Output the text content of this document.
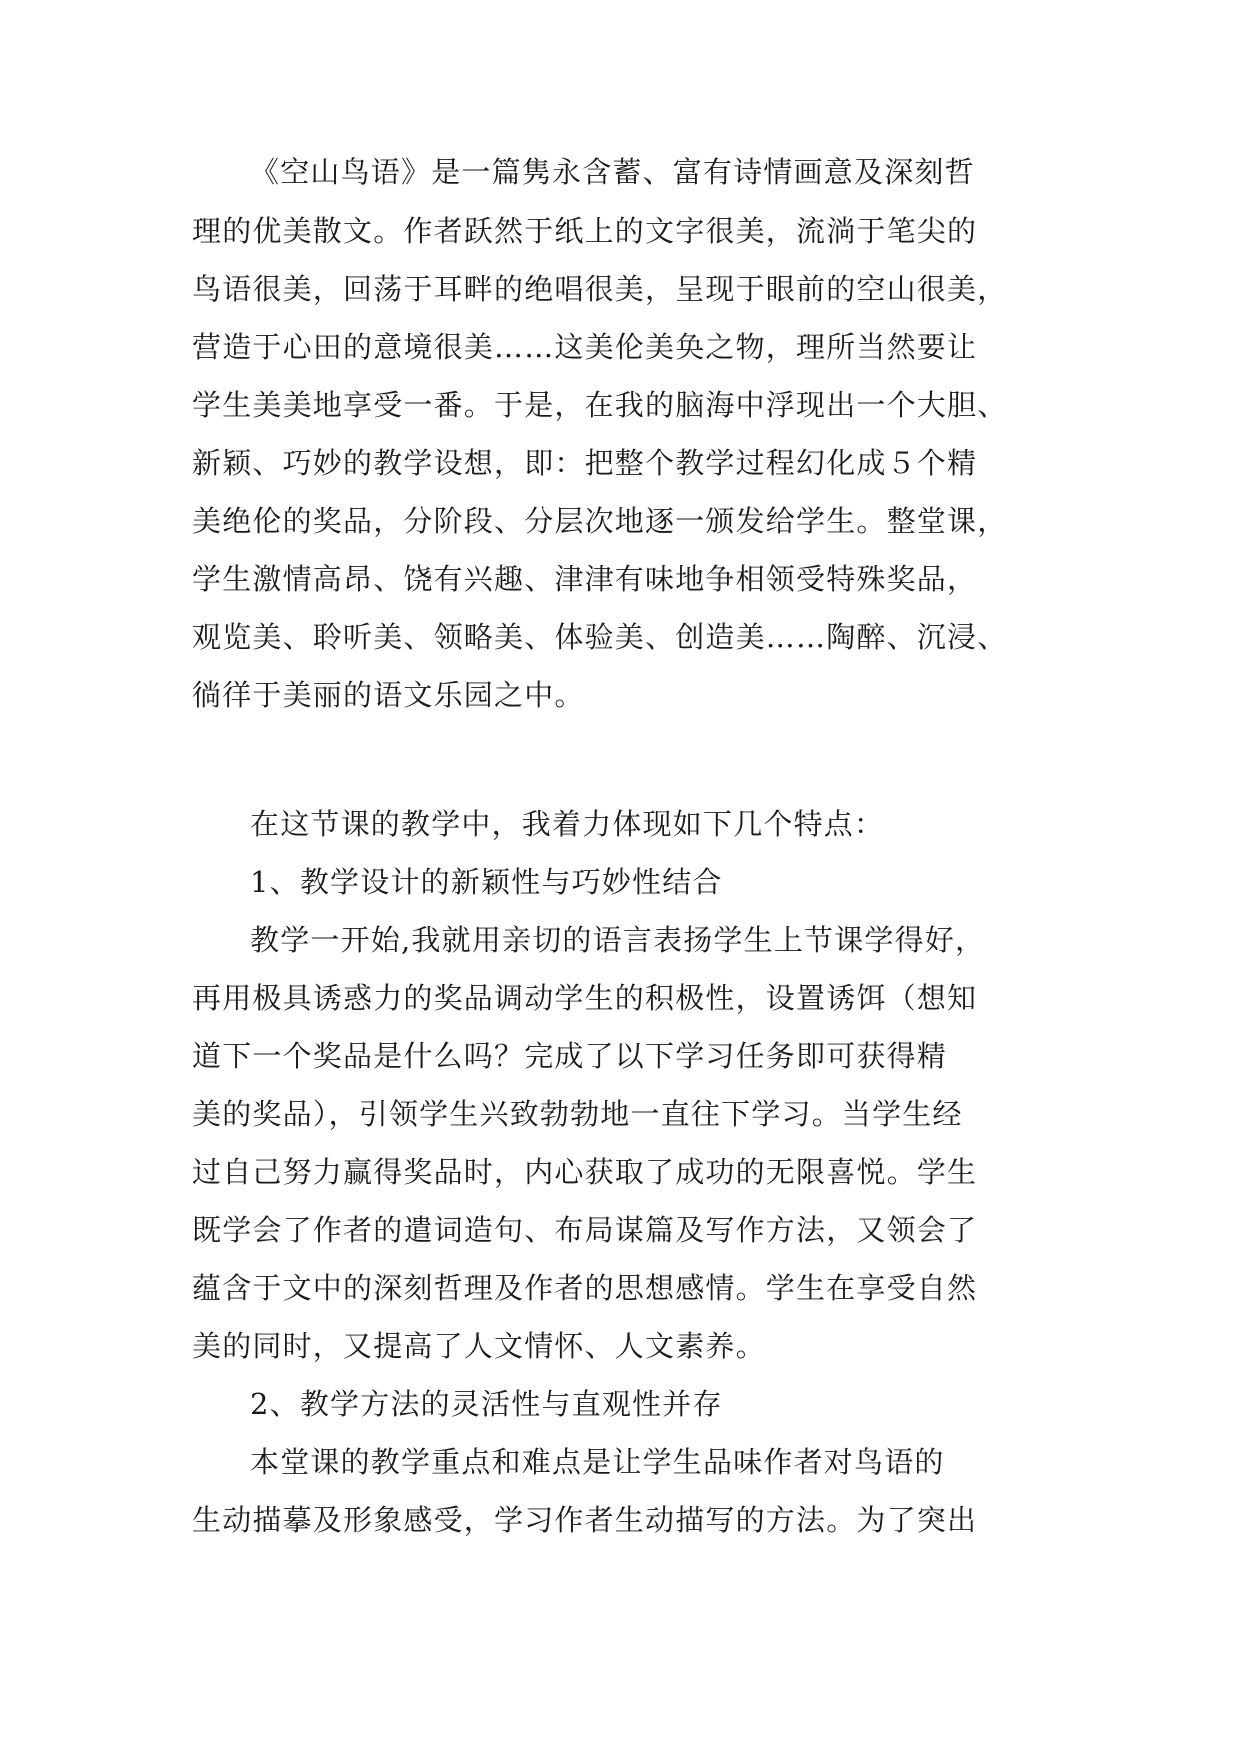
《空山鸟语》是一篇隽永含蓄、富有诗情画意及深刻哲

理的优美散文。作者跃然于纸上的文字很美，流淌于笔尖的

鸟语很美，回荡于耳畔的绝唱很美，呈现于眼前的空山很美，

营造于心田的意境很美……这美伦美奂之物，理所当然要让

学生美美地享受一番。于是，在我的脑海中浮现出一个大胆、

新颖、巧妙的教学设想，即：把整个教学过程幻化成５个精

美绝伦的奖品，分阶段、分层次地逐一颁发给学生。整堂课，

学生激情高昂、饶有兴趣、津津有味地争相领受特殊奖品，

观览美、聆听美、领略美、体验美、创造美……陶醉、沉浸、

徜徉于美丽的语文乐园之中。

在这节课的教学中，我着力体现如下几个特点：

1、教学设计的新颖性与巧妙性结合

教学一开始,我就用亲切的语言表扬学生上节课学得好，

再用极具诱惑力的奖品调动学生的积极性，设置诱饵（想知

道下一个奖品是什么吗？完成了以下学习任务即可获得精

美的奖品），引领学生兴致勃勃地一直往下学习。当学生经

过自己努力赢得奖品时，内心获取了成功的无限喜悦。学生

既学会了作者的遣词造句、布局谋篇及写作方法，又领会了

蕴含于文中的深刻哲理及作者的思想感情。学生在享受自然

美的同时，又提高了人文情怀、人文素养。

2、教学方法的灵活性与直观性并存

本堂课的教学重点和难点是让学生品味作者对鸟语的

生动描摹及形象感受，学习作者生动描写的方法。为了突出
